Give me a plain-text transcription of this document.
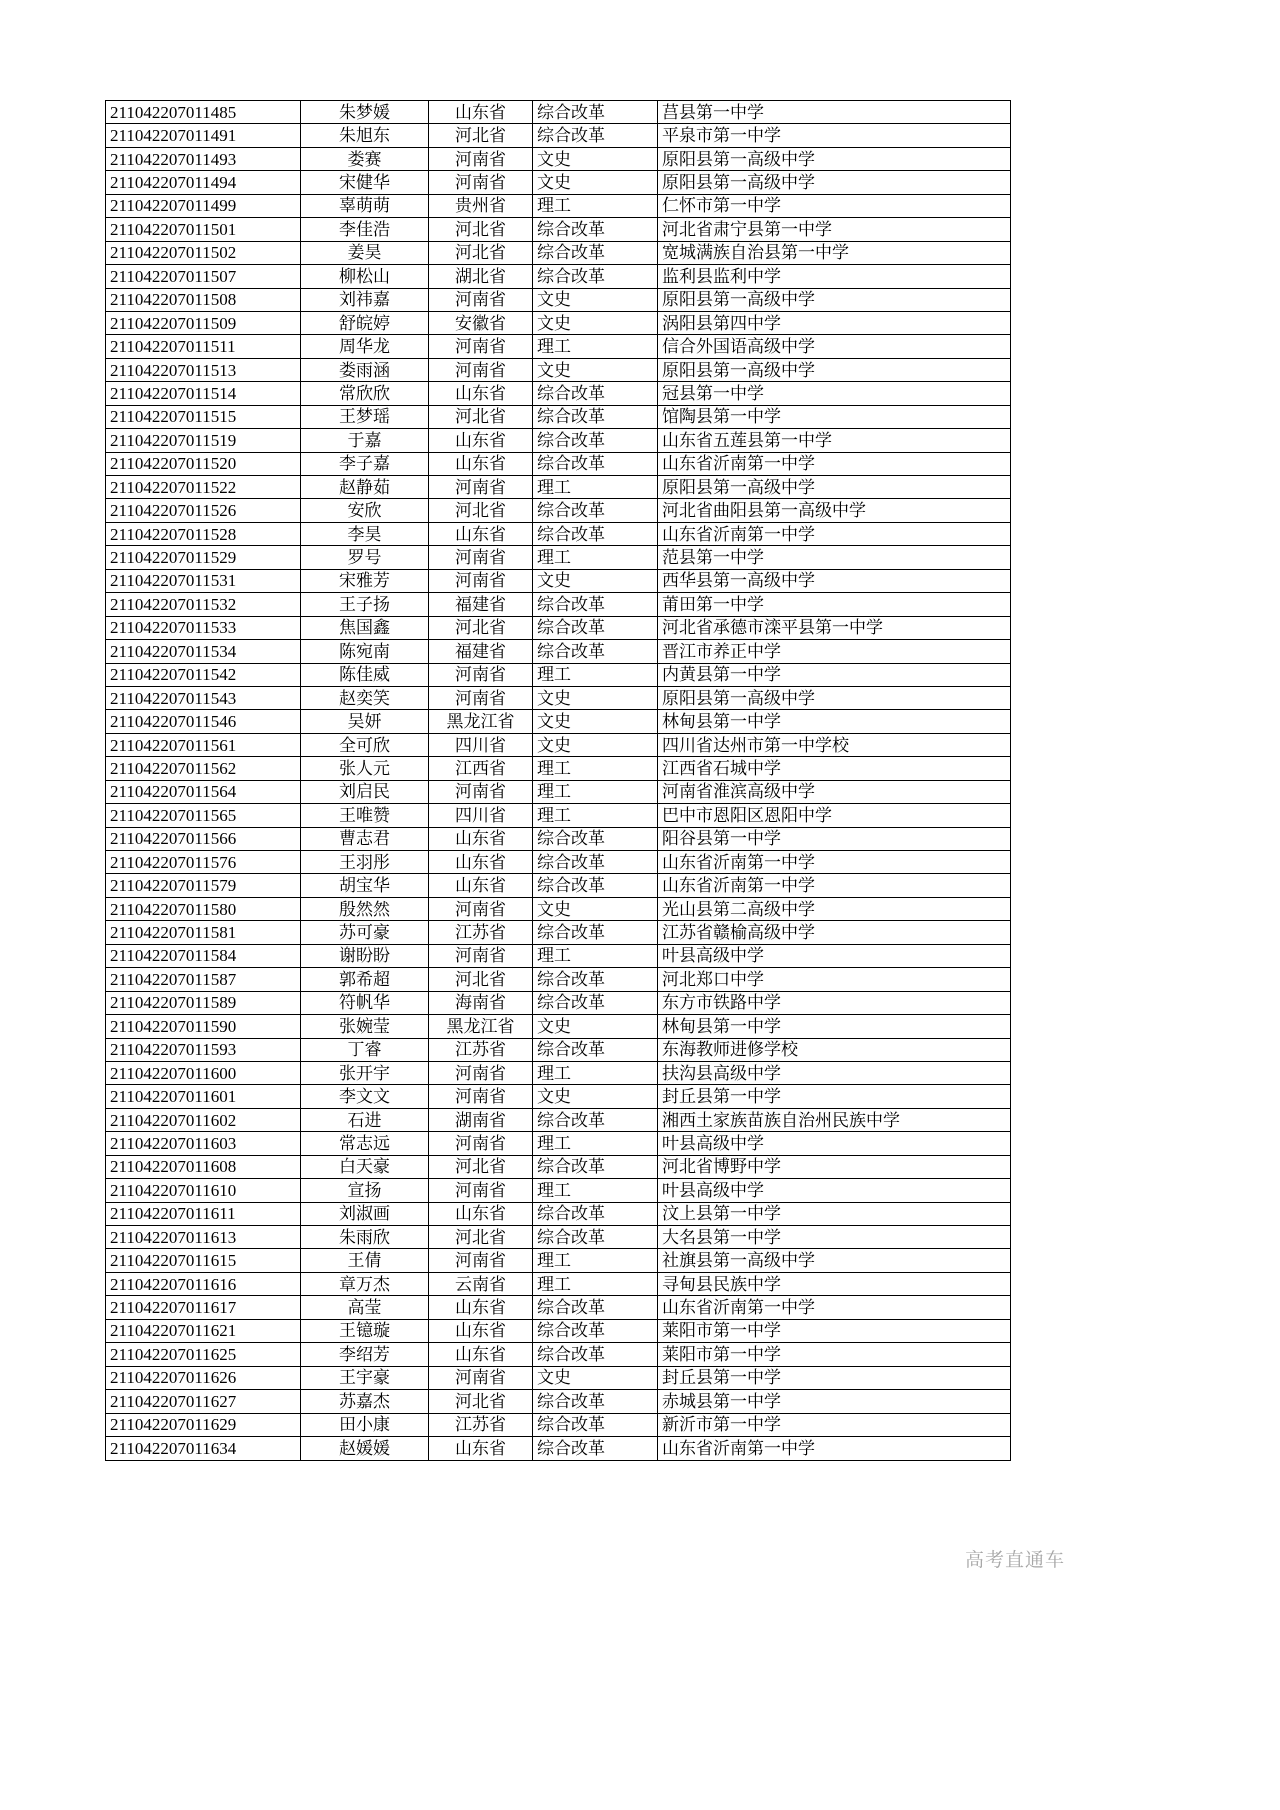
211042207011485	朱梦媛	山东省	综合改革	莒县第一中学
211042207011491	朱旭东	河北省	综合改革	平泉市第一中学
211042207011493	娄赛	河南省	文史	原阳县第一高级中学
211042207011494	宋健华	河南省	文史	原阳县第一高级中学
211042207011499	辜萌萌	贵州省	理工	仁怀市第一中学
211042207011501	李佳浩	河北省	综合改革	河北省肃宁县第一中学
211042207011502	姜昊	河北省	综合改革	宽城满族自治县第一中学
211042207011507	柳松山	湖北省	综合改革	监利县监利中学
211042207011508	刘祎嘉	河南省	文史	原阳县第一高级中学
211042207011509	舒皖婷	安徽省	文史	涡阳县第四中学
211042207011511	周华龙	河南省	理工	信合外国语高级中学
211042207011513	娄雨涵	河南省	文史	原阳县第一高级中学
211042207011514	常欣欣	山东省	综合改革	冠县第一中学
211042207011515	王梦瑶	河北省	综合改革	馆陶县第一中学
211042207011519	于嘉	山东省	综合改革	山东省五莲县第一中学
211042207011520	李子嘉	山东省	综合改革	山东省沂南第一中学
211042207011522	赵静茹	河南省	理工	原阳县第一高级中学
211042207011526	安欣	河北省	综合改革	河北省曲阳县第一高级中学
211042207011528	李昊	山东省	综合改革	山东省沂南第一中学
211042207011529	罗号	河南省	理工	范县第一中学
211042207011531	宋雅芳	河南省	文史	西华县第一高级中学
211042207011532	王子扬	福建省	综合改革	莆田第一中学
211042207011533	焦国鑫	河北省	综合改革	河北省承德市滦平县第一中学
211042207011534	陈宛南	福建省	综合改革	晋江市养正中学
211042207011542	陈佳威	河南省	理工	内黄县第一中学
211042207011543	赵奕笑	河南省	文史	原阳县第一高级中学
211042207011546	吴妍	黑龙江省	文史	林甸县第一中学
211042207011561	全可欣	四川省	文史	四川省达州市第一中学校
211042207011562	张人元	江西省	理工	江西省石城中学
211042207011564	刘启民	河南省	理工	河南省淮滨高级中学
211042207011565	王唯赞	四川省	理工	巴中市恩阳区恩阳中学
211042207011566	曹志君	山东省	综合改革	阳谷县第一中学
211042207011576	王羽彤	山东省	综合改革	山东省沂南第一中学
211042207011579	胡宝华	山东省	综合改革	山东省沂南第一中学
211042207011580	殷然然	河南省	文史	光山县第二高级中学
211042207011581	苏可豪	江苏省	综合改革	江苏省赣榆高级中学
211042207011584	谢盼盼	河南省	理工	叶县高级中学
211042207011587	郭希超	河北省	综合改革	河北郑口中学
211042207011589	符帆华	海南省	综合改革	东方市铁路中学
211042207011590	张婉莹	黑龙江省	文史	林甸县第一中学
211042207011593	丁睿	江苏省	综合改革	东海教师进修学校
211042207011600	张开宇	河南省	理工	扶沟县高级中学
211042207011601	李文文	河南省	文史	封丘县第一中学
211042207011602	石进	湖南省	综合改革	湘西土家族苗族自治州民族中学
211042207011603	常志远	河南省	理工	叶县高级中学
211042207011608	白天豪	河北省	综合改革	河北省博野中学
211042207011610	宣扬	河南省	理工	叶县高级中学
211042207011611	刘淑画	山东省	综合改革	汶上县第一中学
211042207011613	朱雨欣	河北省	综合改革	大名县第一中学
211042207011615	王倩	河南省	理工	社旗县第一高级中学
211042207011616	章万杰	云南省	理工	寻甸县民族中学
211042207011617	高莹	山东省	综合改革	山东省沂南第一中学
211042207011621	王镱璇	山东省	综合改革	莱阳市第一中学
211042207011625	李绍芳	山东省	综合改革	莱阳市第一中学
211042207011626	王宇豪	河南省	文史	封丘县第一中学
211042207011627	苏嘉杰	河北省	综合改革	赤城县第一中学
211042207011629	田小康	江苏省	综合改革	新沂市第一中学
211042207011634	赵媛媛	山东省	综合改革	山东省沂南第一中学
高考直通车
